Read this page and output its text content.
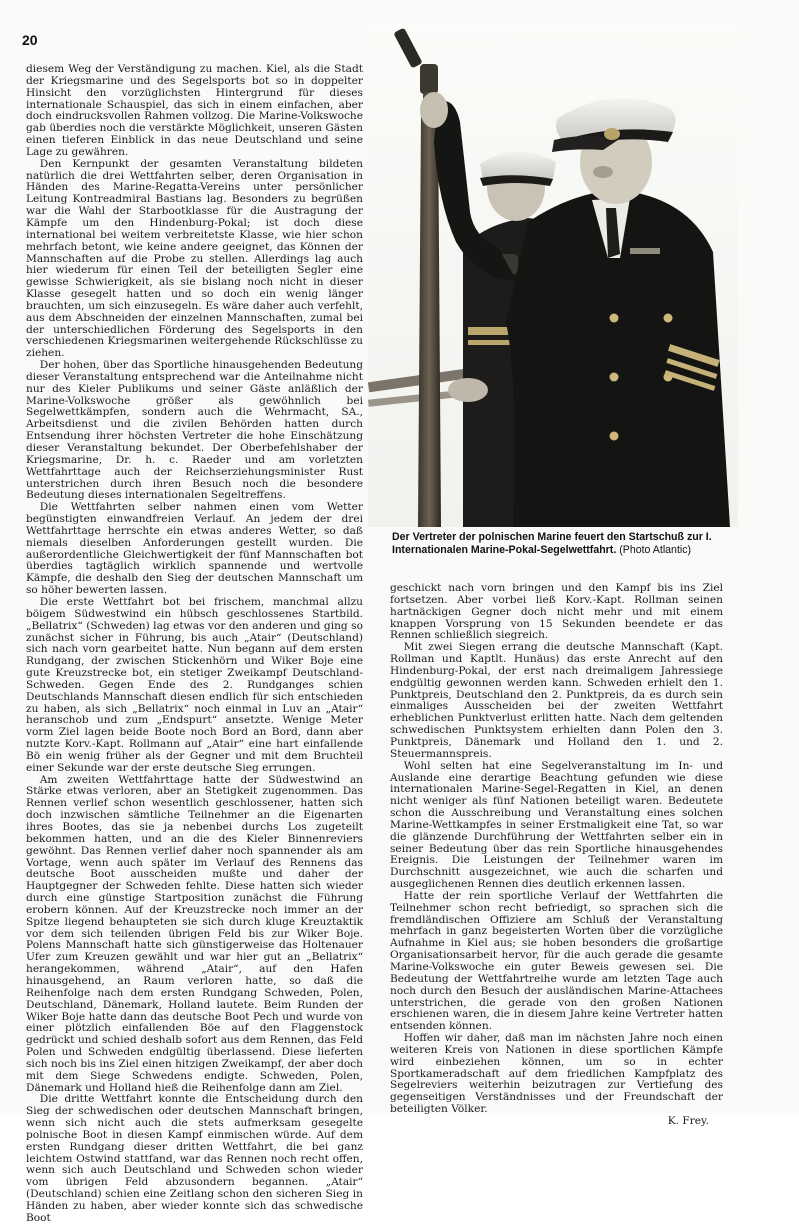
20

diesem Weg der Verständigung zu machen. Kiel, als die Stadt der Kriegsmarine und des Segelsports bot so in doppelter Hinsicht den vorzüglichsten Hintergrund für dieses internationale Schauspiel, das sich in einem einfachen, aber doch eindrucksvollen Rahmen vollzog. Die Marine-Volkswoche gab überdies noch die verstärkte Möglichkeit, unseren Gästen einen tieferen Einblick in das neue Deutschland und seine Lage zu gewähren.

Den Kernpunkt der gesamten Veranstaltung bildeten natürlich die drei Wettfahrten selber, deren Organisation in Händen des Marine-Regatta-Vereins unter persönlicher Leitung Kontreadmiral Bastians lag. Besonders zu begrüßen war die Wahl der Starbootklasse für die Austragung der Kämpfe um den Hindenburg-Pokal; ist doch diese international bei weitem verbreitetste Klasse, wie hier schon mehrfach betont, wie keine andere geeignet, das Können der Mannschaften auf die Probe zu stellen. Allerdings lag auch hier wiederum für einen Teil der beteiligten Segler eine gewisse Schwierigkeit, als sie bislang noch nicht in dieser Klasse gesegelt hatten und so doch ein wenig länger brauchten, um sich einzusegeln. Es wäre daher auch verfehlt, aus dem Abschneiden der einzelnen Mannschaften, zumal bei der unterschiedlichen Förderung des Segelsports in den verschiedenen Kriegsmarinen weitergehende Rückschlüsse zu ziehen.

Der hohen, über das Sportliche hinausgehenden Bedeutung dieser Veranstaltung entsprechend war die Anteilnahme nicht nur des Kieler Publikums und seiner Gäste anläßlich der Marine-Volkswoche größer als gewöhnlich bei Segelwettkämpfen, sondern auch die Wehrmacht, SA., Arbeitsdienst und die zivilen Behörden hatten durch Entsendung ihrer höchsten Vertreter die hohe Einschätzung dieser Veranstaltung bekundet. Der Oberbefehlshaber der Kriegsmarine, Dr. h. c. Raeder und am vorletzten Wettfahrttage auch der Reichserziehungsminister Rust unterstrichen durch ihren Besuch noch die besondere Bedeutung dieses internationalen Segeltreffens.

Die Wettfahrten selber nahmen einen vom Wetter begünstigten einwandfreien Verlauf. An jedem der drei Wettfahrttage herrschte ein etwas anderes Wetter, so daß niemals dieselben Anforderungen gestellt wurden. Die außerordentliche Gleichwertigkeit der fünf Mannschaften bot überdies tagtäglich wirklich spannende und wertvolle Kämpfe, die deshalb den Sieg der deutschen Mannschaft um so höher bewerten lassen.

Die erste Wettfahrt bot bei frischem, manchmal allzu böigem Südwestwind ein hübsch geschlossenes Startbild. „Bellatrix“ (Schweden) lag etwas vor den anderen und ging so zunächst sicher in Führung, bis auch „Atair“ (Deutschland) sich nach vorn gearbeitet hatte. Nun begann auf dem ersten Rundgang, der zwischen Stickenhörn und Wiker Boje eine gute Kreuzstrecke bot, ein stetiger Zweikampf Deutschland-Schweden. Gegen Ende des 2. Rundganges schien Deutschlands Mannschaft diesen endlich für sich entschieden zu haben, als sich „Bellatrix“ noch einmal in Luv an „Atair“ heranschob und zum „Endspurt“ ansetzte. Wenige Meter vorm Ziel lagen beide Boote noch Bord an Bord, dann aber nutzte Korv.-Kapt. Rollmann auf „Atair“ eine hart einfallende Bö ein wenig früher als der Gegner und mit dem Bruchteil einer Sekunde war der erste deutsche Sieg errungen.

Am zweiten Wettfahrttage hatte der Südwestwind an Stärke etwas verloren, aber an Stetigkeit zugenommen. Das Rennen verlief schon wesentlich geschlossener, hatten sich doch inzwischen sämtliche Teilnehmer an die Eigenarten ihres Bootes, das sie ja nebenbei durchs Los zugeteilt bekommen hatten, und an die des Kieler Binnenreviers gewöhnt. Das Rennen verlief daher noch spannender als am Vortage, wenn auch später im Verlauf des Rennens das deutsche Boot ausscheiden mußte und daher der Hauptgegner der Schweden fehlte. Diese hatten sich wieder durch eine günstige Startposition zunächst die Führung erobern können. Auf der Kreuzstrecke noch immer an der Spitze liegend behaupteten sie sich durch kluge Kreuztaktik vor dem sich teilenden übrigen Feld bis zur Wiker Boje. Polens Mannschaft hatte sich günstigerweise das Holtenauer Ufer zum Kreuzen gewählt und war hier gut an „Bellatrix“ herangekommen, während „Atair“, auf den Hafen hinausgehend, an Raum verloren hatte, so daß die Reihenfolge nach dem ersten Rundgang Schweden, Polen, Deutschland, Dänemark, Holland lautete. Beim Runden der Wiker Boje hatte dann das deutsche Boot Pech und wurde von einer plötzlich einfallenden Böe auf den Flaggenstock gedrückt und schied deshalb sofort aus dem Rennen, das Feld Polen und Schweden endgültig überlassend. Diese lieferten sich noch bis ins Ziel einen hitzigen Zweikampf, der aber doch mit dem Siege Schwedens endigte. Schweden, Polen, Dänemark und Holland hieß die Reihenfolge dann am Ziel.

Die dritte Wettfahrt konnte die Entscheidung durch den Sieg der schwedischen oder deutschen Mannschaft bringen, wenn sich nicht auch die stets aufmerksam gesegelte polnische Boot in diesen Kampf einmischen würde. Auf dem ersten Rundgang dieser dritten Wettfahrt, die bei ganz leichtem Ostwind stattfand, war das Rennen noch recht offen, wenn sich auch Deutschland und Schweden schon wieder vom übrigen Feld abzusondern begannen. „Atair“ (Deutschland) schien eine Zeitlang schon den sicheren Sieg in Händen zu haben, aber wieder konnte sich das schwedische Boot

Der Vertreter der polnischen Marine feuert den Startschuß zur I. Internationalen Marine-Pokal-Segelwettfahrt. (Photo Atlantic)

geschickt nach vorn bringen und den Kampf bis ins Ziel fortsetzen. Aber vorbei ließ Korv.-Kapt. Rollman seinen hartnäckigen Gegner doch nicht mehr und mit einem knappen Vorsprung von 15 Sekunden beendete er das Rennen schließlich siegreich.

Mit zwei Siegen errang die deutsche Mannschaft (Kapt. Rollman und Kaptlt. Hunäus) das erste Anrecht auf den Hindenburg-Pokal, der erst nach dreimaligem Jahressiege endgültig gewonnen werden kann. Schweden erhielt den 1. Punktpreis, Deutschland den 2. Punktpreis, da es durch sein einmaliges Ausscheiden bei der zweiten Wettfahrt erheblichen Punktverlust erlitten hatte. Nach dem geltenden schwedischen Punktsystem erhielten dann Polen den 3. Punktpreis, Dänemark und Holland den 1. und 2. Steuermannspreis.

Wohl selten hat eine Segelveranstaltung im In- und Auslande eine derartige Beachtung gefunden wie diese internationalen Marine-Segel-Regatten in Kiel, an denen nicht weniger als fünf Nationen beteiligt waren. Bedeutete schon die Ausschreibung und Veranstaltung eines solchen Marine-Wettkampfes in seiner Erstmaligkeit eine Tat, so war die glänzende Durchführung der Wettfahrten selber ein in seiner Bedeutung über das rein Sportliche hinausgehendes Ereignis. Die Leistungen der Teilnehmer waren im Durchschnitt ausgezeichnet, wie auch die scharfen und ausgeglichenen Rennen dies deutlich erkennen lassen.

Hatte der rein sportliche Verlauf der Wettfahrten die Teilnehmer schon recht befriedigt, so sprachen sich die fremdländischen Offiziere am Schluß der Veranstaltung mehrfach in ganz begeisterten Worten über die vorzügliche Aufnahme in Kiel aus; sie hoben besonders die großartige Organisationsarbeit hervor, für die auch gerade die gesamte Marine-Volkswoche ein guter Beweis gewesen sei. Die Bedeutung der Wettfahrtreihe wurde am letzten Tage auch noch durch den Besuch der ausländischen Marine-Attachees unterstrichen, die gerade von den großen Nationen erschienen waren, die in diesem Jahre keine Vertreter hatten entsenden können.

Hoffen wir daher, daß man im nächsten Jahre noch einen weiteren Kreis von Nationen in diese sportlichen Kämpfe wird einbeziehen können, um so in echter Sportkameradschaft auf dem friedlichen Kampfplatz des Segelreviers weiterhin beizutragen zur Vertiefung des gegenseitigen Verständnisses und der Freundschaft der beteiligten Völker.

K. Frey.
